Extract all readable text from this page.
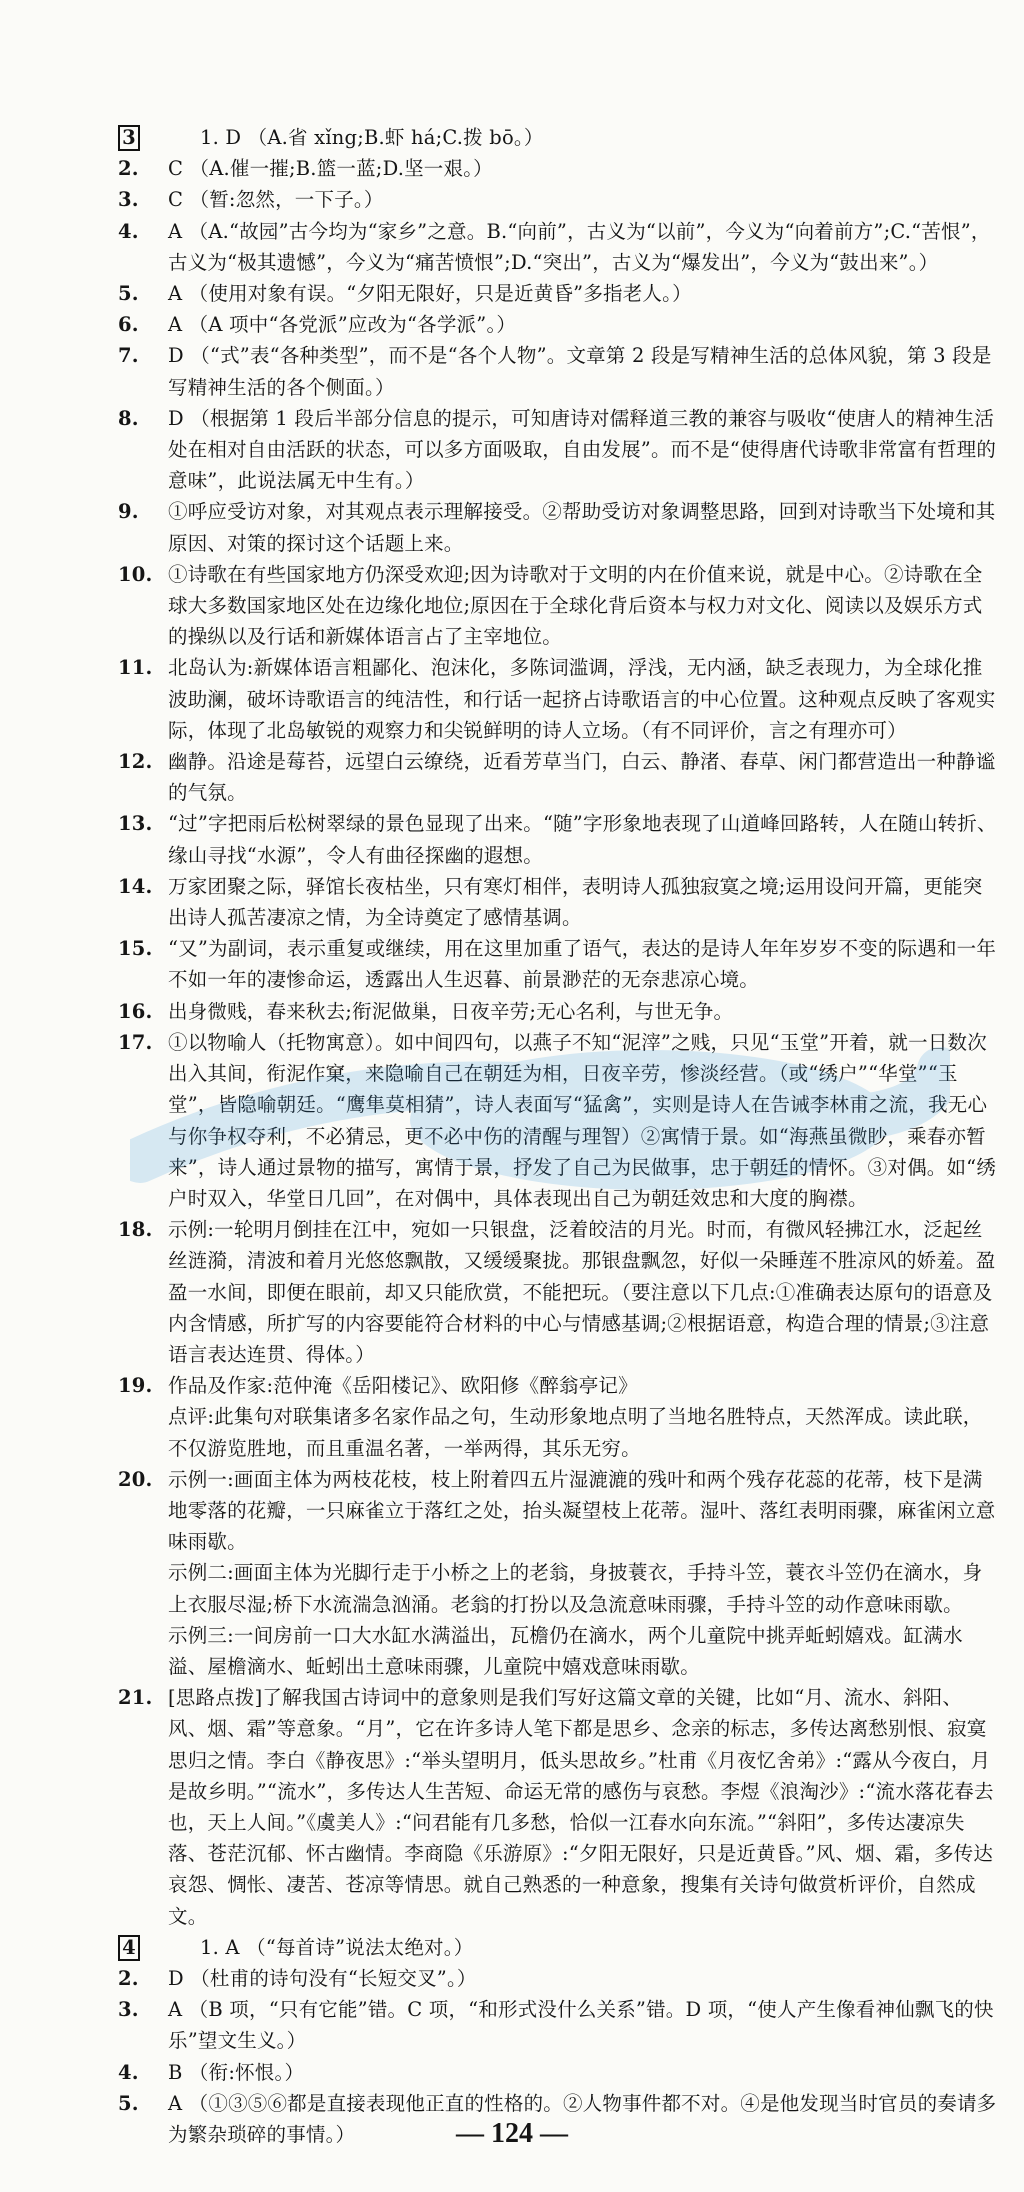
3	1. D （A.省 xǐng;B.虾 há;C.拨 bō。）
2. C （A.催一摧;B.篮一蓝;D.坚一艰。）
3. C （暂:忽然，一下子。）
4. A （A.“故园”古今均为“家乡”之意。B.“向前”，古义为“以前”，今义为“向着前方”;C.“苦恨”，古义为“极其遗憾”，今义为“痛苦愤恨”;D.“突出”，古义为“爆发出”，今义为“鼓出来”。）
5. A （使用对象有误。“夕阳无限好，只是近黄昏”多指老人。）
6. A （A 项中“各党派”应改为“各学派”。）
7. D （“式”表“各种类型”，而不是“各个人物”。文章第 2 段是写精神生活的总体风貌，第 3 段是写精神生活的各个侧面。）
8. D （根据第 1 段后半部分信息的提示，可知唐诗对儒释道三教的兼容与吸收“使唐人的精神生活处在相对自由活跃的状态，可以多方面吸取，自由发展”。而不是“使得唐代诗歌非常富有哲理的意味”，此说法属无中生有。）
9. ①呼应受访对象，对其观点表示理解接受。②帮助受访对象调整思路，回到对诗歌当下处境和其原因、对策的探讨这个话题上来。
10. ①诗歌在有些国家地方仍深受欢迎;因为诗歌对于文明的内在价值来说，就是中心。②诗歌在全球大多数国家地区处在边缘化地位;原因在于全球化背后资本与权力对文化、阅读以及娱乐方式的操纵以及行话和新媒体语言占了主宰地位。
11. 北岛认为:新媒体语言粗鄙化、泡沫化，多陈词滥调，浮浅，无内涵，缺乏表现力，为全球化推波助澜，破坏诗歌语言的纯洁性，和行话一起挤占诗歌语言的中心位置。这种观点反映了客观实际，体现了北岛敏锐的观察力和尖锐鲜明的诗人立场。（有不同评价，言之有理亦可）
12. 幽静。沿途是莓苔，远望白云缭绕，近看芳草当门，白云、静渚、春草、闲门都营造出一种静谧的气氛。
13. “过”字把雨后松树翠绿的景色显现了出来。“随”字形象地表现了山道峰回路转，人在随山转折、缘山寻找“水源”，令人有曲径探幽的遐想。
14. 万家团聚之际，驿馆长夜枯坐，只有寒灯相伴，表明诗人孤独寂寞之境;运用设问开篇，更能突出诗人孤苦凄凉之情，为全诗奠定了感情基调。
15. “又”为副词，表示重复或继续，用在这里加重了语气，表达的是诗人年年岁岁不变的际遇和一年不如一年的凄惨命运，透露出人生迟暮、前景渺茫的无奈悲凉心境。
16. 出身微贱，春来秋去;衔泥做巢，日夜辛劳;无心名利，与世无争。
17. ①以物喻人（托物寓意）。如中间四句，以燕子不知“泥滓”之贱，只见“玉堂”开着，就一日数次出入其间，衔泥作窠，来隐喻自己在朝廷为相，日夜辛劳，惨淡经营。（或“绣户”“华堂”“玉堂”，皆隐喻朝廷。“鹰隼莫相猜”，诗人表面写“猛禽”，实则是诗人在告诫李林甫之流，我无心与你争权夺利，不必猜忌，更不必中伤的清醒与理智）②寓情于景。如“海燕虽微眇，乘春亦暂来”，诗人通过景物的描写，寓情于景，抒发了自己为民做事，忠于朝廷的情怀。③对偶。如“绣户时双入，华堂日几回”，在对偶中，具体表现出自己为朝廷效忠和大度的胸襟。
18. 示例:一轮明月倒挂在江中，宛如一只银盘，泛着皎洁的月光。时而，有微风轻拂江水，泛起丝丝涟漪，清波和着月光悠悠飘散，又缓缓聚拢。那银盘飘忽，好似一朵睡莲不胜凉风的娇羞。盈盈一水间，即便在眼前，却又只能欣赏，不能把玩。（要注意以下几点:①准确表达原句的语意及内含情感，所扩写的内容要能符合材料的中心与情感基调;②根据语意，构造合理的情景;③注意语言表达连贯、得体。）
19. 作品及作家:范仲淹《岳阳楼记》、欧阳修《醉翁亭记》
点评:此集句对联集诸多名家作品之句，生动形象地点明了当地名胜特点，天然浑成。读此联，不仅游览胜地，而且重温名著，一举两得，其乐无穷。
20. 示例一:画面主体为两枝花枝，枝上附着四五片湿漉漉的残叶和两个残存花蕊的花蒂，枝下是满地零落的花瓣，一只麻雀立于落红之处，抬头凝望枝上花蒂。湿叶、落红表明雨骤，麻雀闲立意味雨歇。
示例二:画面主体为光脚行走于小桥之上的老翁，身披蓑衣，手持斗笠，蓑衣斗笠仍在滴水，身上衣服尽湿;桥下水流湍急汹涌。老翁的打扮以及急流意味雨骤，手持斗笠的动作意味雨歇。
示例三:一间房前一口大水缸水满溢出，瓦檐仍在滴水，两个儿童院中挑弄蚯蚓嬉戏。缸满水溢、屋檐滴水、蚯蚓出土意味雨骤，儿童院中嬉戏意味雨歇。
21. [思路点拨]了解我国古诗词中的意象则是我们写好这篇文章的关键，比如“月、流水、斜阳、风、烟、霜”等意象。“月”，它在许多诗人笔下都是思乡、念亲的标志，多传达离愁别恨、寂寞思归之情。李白《静夜思》:“举头望明月，低头思故乡。”杜甫《月夜忆舍弟》:“露从今夜白，月是故乡明。”“流水”，多传达人生苦短、命运无常的感伤与哀愁。李煜《浪淘沙》:“流水落花春去也，天上人间。”《虞美人》:“问君能有几多愁，恰似一江春水向东流。”“斜阳”，多传达凄凉失落、苍茫沉郁、怀古幽情。李商隐《乐游原》:“夕阳无限好，只是近黄昏。”风、烟、霜，多传达哀怨、惆怅、凄苦、苍凉等情思。就自己熟悉的一种意象，搜集有关诗句做赏析评价，自然成文。
4	1. A （“每首诗”说法太绝对。）
2. D （杜甫的诗句没有“长短交叉”。）
3. A （B 项，“只有它能”错。C 项，“和形式没什么关系”错。D 项，“使人产生像看神仙飘飞的快乐”望文生义。）
4. B （衔:怀恨。）
5. A （①③⑤⑥都是直接表现他正直的性格的。②人物事件都不对。④是他发现当时官员的奏请多为繁杂琐碎的事情。）	— 124 —
